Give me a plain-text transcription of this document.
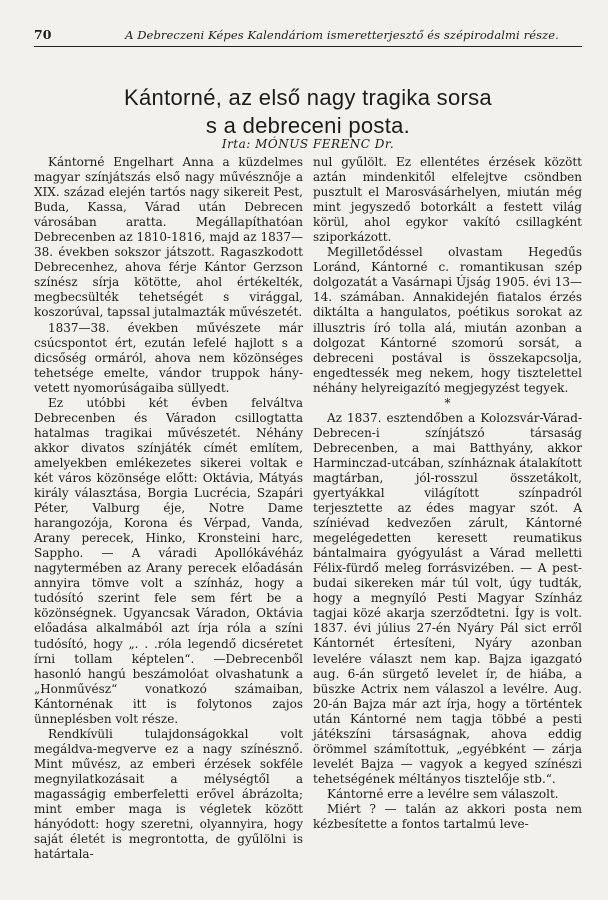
70	A Debreczeni Képes Kalendáriom ismeretterjesztő és szépirodalmi része.
Kántorné, az első nagy tragika sorsa
s a debreceni posta.
Irta: MÓNUS FERENC Dr.

Kántorné Engelhart Anna a küzdelmes magyar színjátszás első nagy művésznője a XIX. század elején tartós nagy sikereit Pest, Buda, Kassa, Várad után Debrecen városában aratta. Megállapíthatóan Debrecenben az 1810-1816, majd az 1837—38. években sokszor játszott. Ragaszkodott Debrecenhez, ahova férje Kántor Gerzson színész sírja kötötte, ahol értékelték, megbecsülték tehetségét s virággal, koszorúval, tapssal jutalmazták művészetét.

1837—38. években művészete már csúcspontot ért, ezután lefelé hajlott s a dicsőség ormáról, ahova nem közönséges tehetsége emelte, vándor truppok hány-vetett nyomorúságaiba süllyedt.

Ez utóbbi két évben felváltva Debrecenben és Váradon csillogtatta hatalmas tragikai művészetét. Néhány akkor divatos színjáték címét említem, amelyekben emlékezetes sikerei voltak e két város közönsége előtt: Oktávia, Mátyás király választása, Borgia Lucrécia, Szapári Péter, Valburg éje, Notre Dame harangozója, Korona és Vérpad, Vanda, Arany perecek, Hinko, Kronsteini harc, Sappho. — A váradi Apollókávéház nagytermében az Arany perecek előadásán annyira tömve volt a színház, hogy a tudósító szerint fele sem fért be a közönségnek. Ugyancsak Váradon, Oktávia előadása alkalmából azt írja róla a színi tudósító, hogy „. . .róla legendő dicséretet írni tollam képtelen“. —Debrecenből hasonló hangú beszámolóat olvashatunk a „Honművész“ vonatkozó számaiban, Kántornénak itt is folytonos zajos ünneplésben volt része.

Rendkívüli tulajdonságokkal volt megáldva-megverve ez a nagy színésznő. Mint művész, az emberi érzések sokféle megnyilatkozásait a mélységtől a magasságig emberfeletti erővel ábrázolta; mint ember maga is végletek között hányódott: hogy szeretni, olyannyira, hogy saját életét is megrontotta, de gyűlölni is határtala-

nul gyűlölt. Ez ellentétes érzések között aztán mindenkitől elfelejtve csöndben pusztult el Marosvásárhelyen, miután még mint jegyszedő botorkált a festett világ körül, ahol egykor vakító csillagként sziporkázott.

Megilletődéssel olvastam Hegedűs Loránd, Kántorné c. romantikusan szép dolgozatát a Vasárnapi Újság 1905. évi 13—14. számában. Annakidején fiatalos érzés diktálta a hangulatos, poétikus sorokat az illusztris író tolla alá, miután azonban a dolgozat Kántorné szomorú sorsát, a debreceni postával is összekapcsolja, engedtessék meg nekem, hogy tisztelettel néhány helyreigazító megjegyzést tegyek.

*

Az 1837. esztendőben a Kolozsvár-Várad-Debrecen-i színjátszó társaság Debrecenben, a mai Batthyány, akkor Harminczad-utcában, színháznak átalakított magtárban, jól-rosszul összetákolt, gyertyákkal világított színpadról terjesztette az édes magyar szót. A színiévad kedvezően zárult, Kántorné megelégedetten keresett reumatikus bántalmaira gyógyulást a Várad melletti Félix-fürdő meleg forrásvizében. — A pest-budai sikereken már túl volt, úgy tudták, hogy a megnyíló Pesti Magyar Színház tagjai közé akarja szerződtetni. Így is volt. 1837. évi július 27-én Nyáry Pál sict erről Kántornét értesíteni, Nyáry azonban levelére választ nem kap. Bajza igazgató aug. 6-án sürgető levelet ír, de hiába, a büszke Actrix nem válaszol a levélre. Aug. 20-án Bajza már azt írja, hogy a történtek után Kántorné nem tagja többé a pesti játékszíni társaságnak, ahova eddig örömmel számítottuk, „egyébként — zárja levelét Bajza — vagyok a kegyed színészi tehetségének méltányos tisztelője stb.“.

Kántorné erre a levélre sem válaszolt.

Miért ? — talán az akkori posta nem kézbesítette a fontos tartalmú leve-
